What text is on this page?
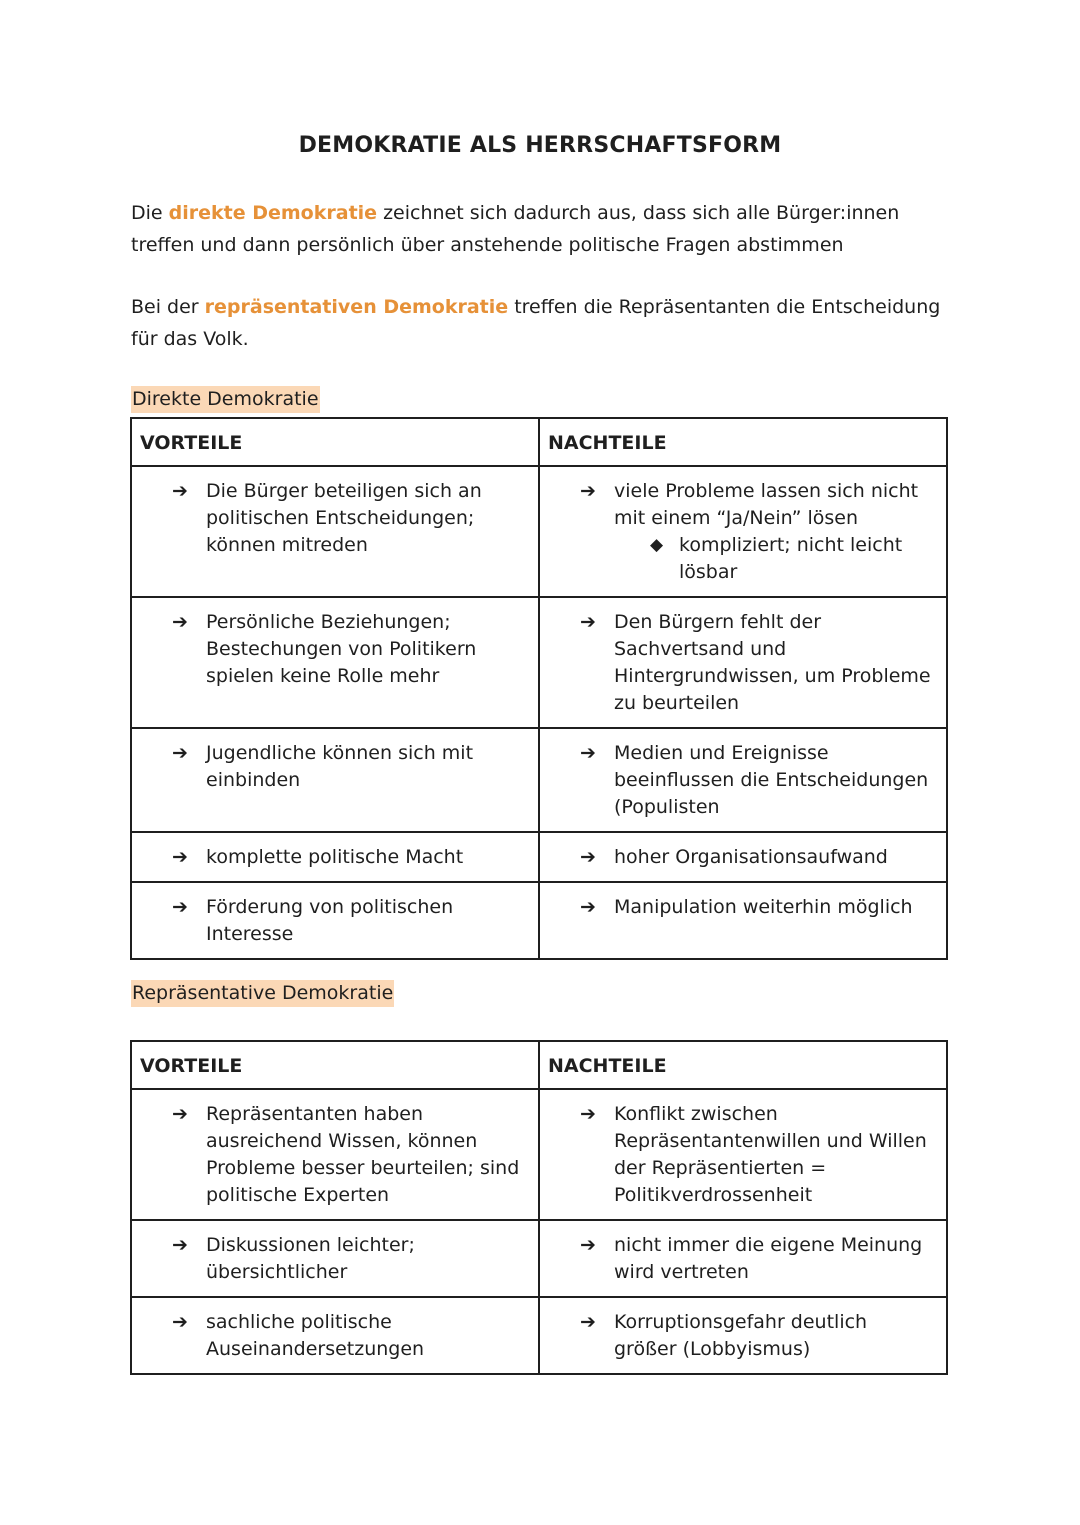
DEMOKRATIE ALS HERRSCHAFTSFORM

Die direkte Demokratie zeichnet sich dadurch aus, dass sich alle Bürger:innen treffen und dann persönlich über anstehende politische Fragen abstimmen

Bei der repräsentativen Demokratie treffen die Repräsentanten die Entscheidung für das Volk.

Direkte Demokratie
VORTEILE	NACHTEILE

➔ Die Bürger beteiligen sich an politischen Entscheidungen; können mitreden	➔ viele Probleme lassen sich nicht mit einem “Ja/Nein” lösen
◆ kompliziert; nicht leicht lösbar

➔ Persönliche Beziehungen; Bestechungen von Politikern spielen keine Rolle mehr	➔ Den Bürgern fehlt der Sachvertsand und Hintergrundwissen, um Probleme zu beurteilen

➔ Jugendliche können sich mit einbinden	➔ Medien und Ereignisse beeinflussen die Entscheidungen (Populisten

➔ komplette politische Macht	➔ hoher Organisationsaufwand

➔ Förderung von politischen Interesse	➔ Manipulation weiterhin möglich
Repräsentative Demokratie
VORTEILE	NACHTEILE

➔ Repräsentanten haben ausreichend Wissen, können Probleme besser beurteilen; sind politische Experten	➔ Konflikt zwischen Repräsentantenwillen und Willen der Repräsentierten = Politikverdrossenheit

➔ Diskussionen leichter; übersichtlicher	➔ nicht immer die eigene Meinung wird vertreten

➔ sachliche politische Auseinandersetzungen	➔ Korruptionsgefahr deutlich größer (Lobbyismus)
